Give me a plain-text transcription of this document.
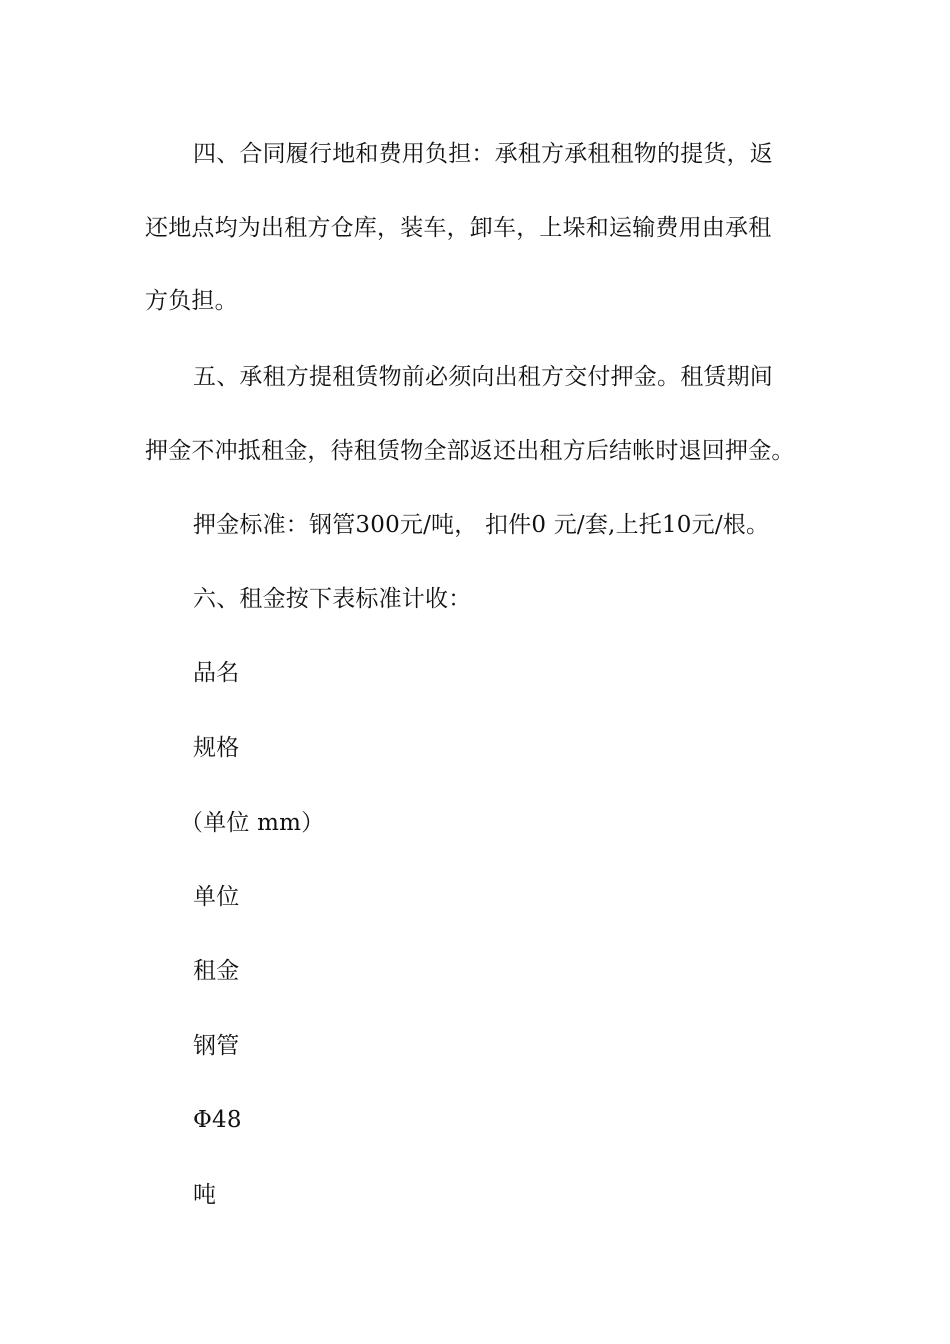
四、合同履行地和费用负担：承租方承租租物的提货，返
还地点均为出租方仓库，装车，卸车，上垛和运输费用由承租
方负担。
五、承租方提租赁物前必须向出租方交付押金。租赁期间
押金不冲抵租金，待租赁物全部返还出租方后结帐时退回押金。
押金标准：钢管300元/吨， 扣件0 元/套,上托10元/根。
六、租金按下表标准计收：
品名
规格
（单位 mm）
单位
租金
钢管
Φ48
吨
